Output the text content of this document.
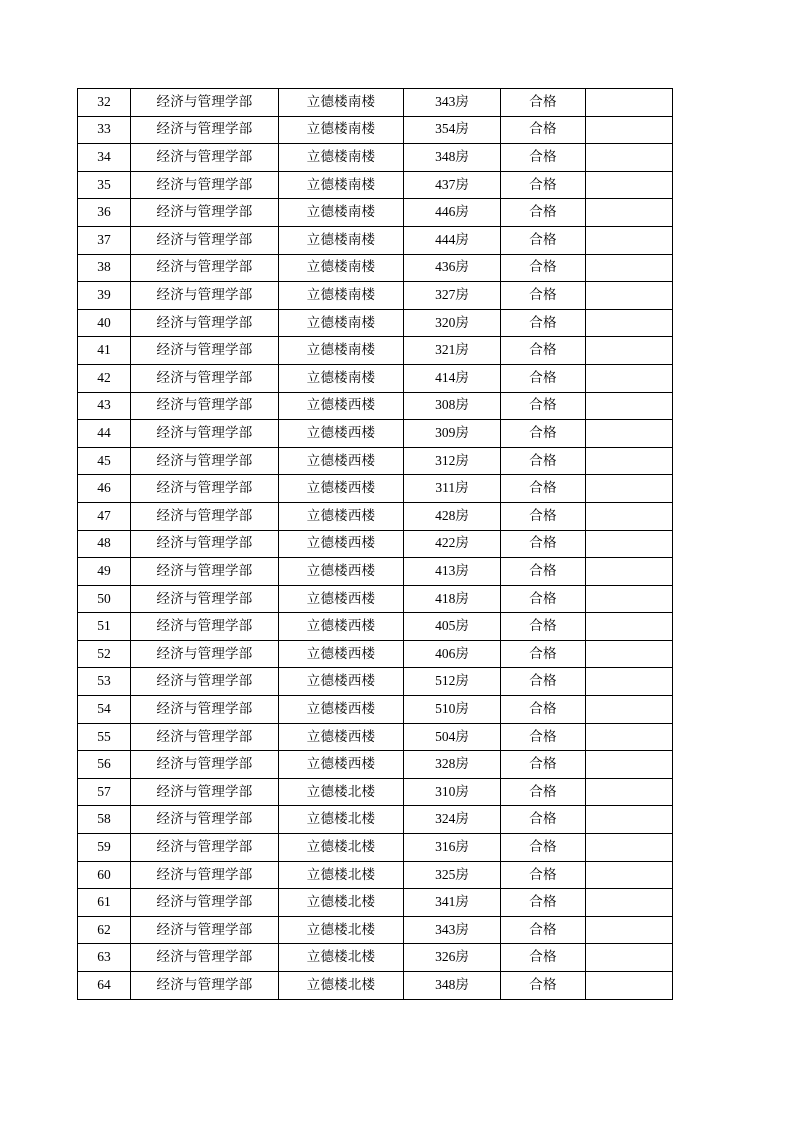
32	经济与管理学部	立德楼南楼	343房	合格	
33	经济与管理学部	立德楼南楼	354房	合格	
34	经济与管理学部	立德楼南楼	348房	合格	
35	经济与管理学部	立德楼南楼	437房	合格	
36	经济与管理学部	立德楼南楼	446房	合格	
37	经济与管理学部	立德楼南楼	444房	合格	
38	经济与管理学部	立德楼南楼	436房	合格	
39	经济与管理学部	立德楼南楼	327房	合格	
40	经济与管理学部	立德楼南楼	320房	合格	
41	经济与管理学部	立德楼南楼	321房	合格	
42	经济与管理学部	立德楼南楼	414房	合格	
43	经济与管理学部	立德楼西楼	308房	合格	
44	经济与管理学部	立德楼西楼	309房	合格	
45	经济与管理学部	立德楼西楼	312房	合格	
46	经济与管理学部	立德楼西楼	311房	合格	
47	经济与管理学部	立德楼西楼	428房	合格	
48	经济与管理学部	立德楼西楼	422房	合格	
49	经济与管理学部	立德楼西楼	413房	合格	
50	经济与管理学部	立德楼西楼	418房	合格	
51	经济与管理学部	立德楼西楼	405房	合格	
52	经济与管理学部	立德楼西楼	406房	合格	
53	经济与管理学部	立德楼西楼	512房	合格	
54	经济与管理学部	立德楼西楼	510房	合格	
55	经济与管理学部	立德楼西楼	504房	合格	
56	经济与管理学部	立德楼西楼	328房	合格	
57	经济与管理学部	立德楼北楼	310房	合格	
58	经济与管理学部	立德楼北楼	324房	合格	
59	经济与管理学部	立德楼北楼	316房	合格	
60	经济与管理学部	立德楼北楼	325房	合格	
61	经济与管理学部	立德楼北楼	341房	合格	
62	经济与管理学部	立德楼北楼	343房	合格	
63	经济与管理学部	立德楼北楼	326房	合格	
64	经济与管理学部	立德楼北楼	348房	合格	
